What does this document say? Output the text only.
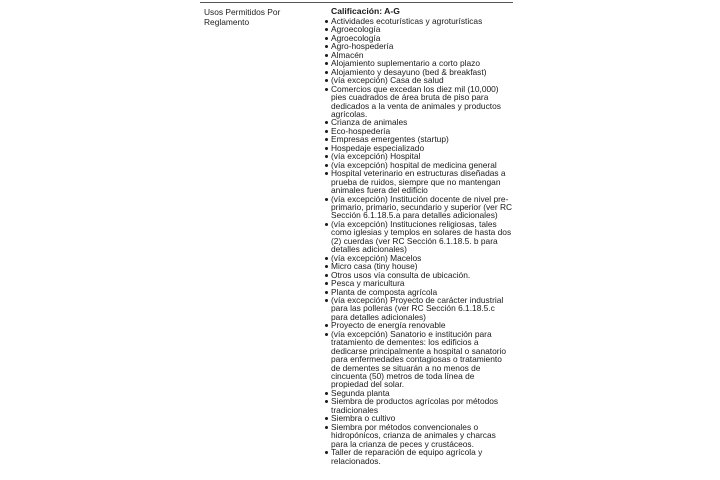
Usos Permitidos Por Reglamento
Calificación: A-G
Actividades ecoturísticas y agroturísticas
Agroecología
Agroecología
Agro-hospedería
Almacén
Alojamiento suplementario a corto plazo
Alojamiento y desayuno (bed & breakfast)
(vía excepción) Casa de salud
Comercios que excedan los diez mil (10,000) pies cuadrados de área bruta de piso para dedicados a la venta de animales y productos agrícolas.
Crianza de animales
Eco-hospedería
Empresas emergentes (startup)
Hospedaje especializado
(vía excepción) Hospital
(vía excepción) hospital de medicina general
Hospital veterinario en estructuras diseñadas a prueba de ruidos, siempre que no mantengan animales fuera del edificio
(vía excepción) Institución docente de nivel pre-primario, primario, secundario y superior (ver RC Sección 6.1.18.5.a para detalles adicionales)
(vía excepción) Instituciones religiosas, tales como iglesias y templos en solares de hasta dos (2) cuerdas (ver RC Sección 6.1.18.5. b para detalles adicionales)
(vía excepción) Macelos
Micro casa (tiny house)
Otros usos vía consulta de ubicación.
Pesca y maricultura
Planta de composta agrícola
(vía excepción) Proyecto de carácter industrial para las polleras (ver RC Sección 6.1.18.5.c para detalles adicionales)
Proyecto de energía renovable
(vía excepción) Sanatorio e institución para tratamiento de dementes: los edificios a dedicarse principalmente a hospital o sanatorio para enfermedades contagiosas o tratamiento de dementes se situarán a no menos de cincuenta (50) metros de toda línea de propiedad del solar.
Segunda planta
Siembra de productos agrícolas por métodos tradicionales
Siembra o cultivo
Siembra por métodos convencionales o hidropónicos, crianza de animales y charcas para la crianza de peces y crustáceos.
Taller de reparación de equipo agrícola y relacionados.
